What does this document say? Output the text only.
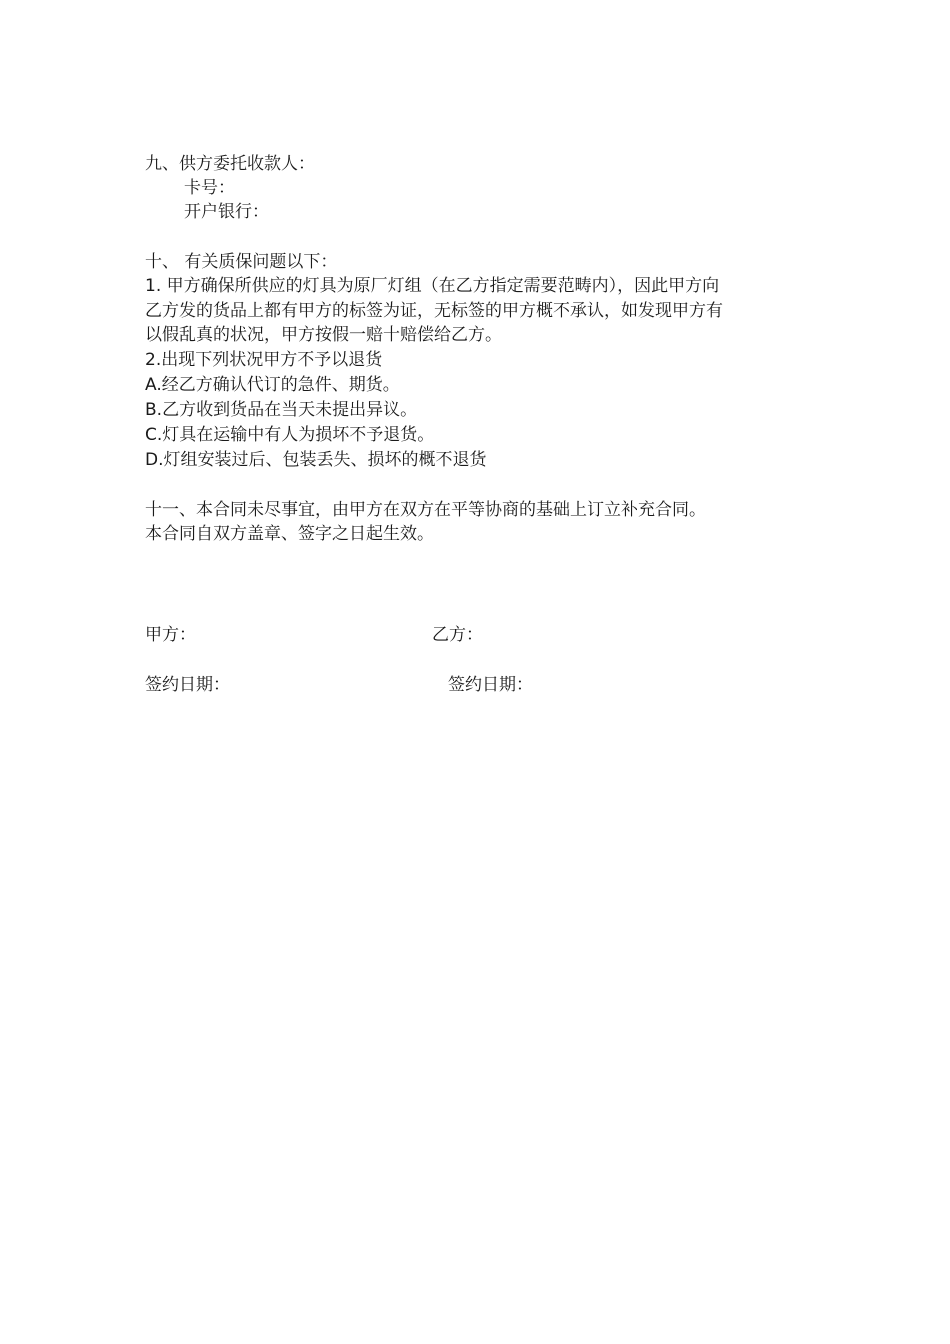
九、供方委托收款人：
卡号：
开户银行：
十、 有关质保问题以下：
1. 甲方确保所供应的灯具为原厂灯组（在乙方指定需要范畴内），因此甲方向
乙方发的货品上都有甲方的标签为证，无标签的甲方概不承认，如发现甲方有
以假乱真的状况，甲方按假一赔十赔偿给乙方。
2.出现下列状况甲方不予以退货
A.经乙方确认代订的急件、期货。
B.乙方收到货品在当天未提出异议。
C.灯具在运输中有人为损坏不予退货。
D.灯组安装过后、包装丢失、损坏的概不退货
十一、本合同未尽事宜，由甲方在双方在平等协商的基础上订立补充合同。
本合同自双方盖章、签字之日起生效。
甲方：	乙方：
签约日期：	签约日期：
